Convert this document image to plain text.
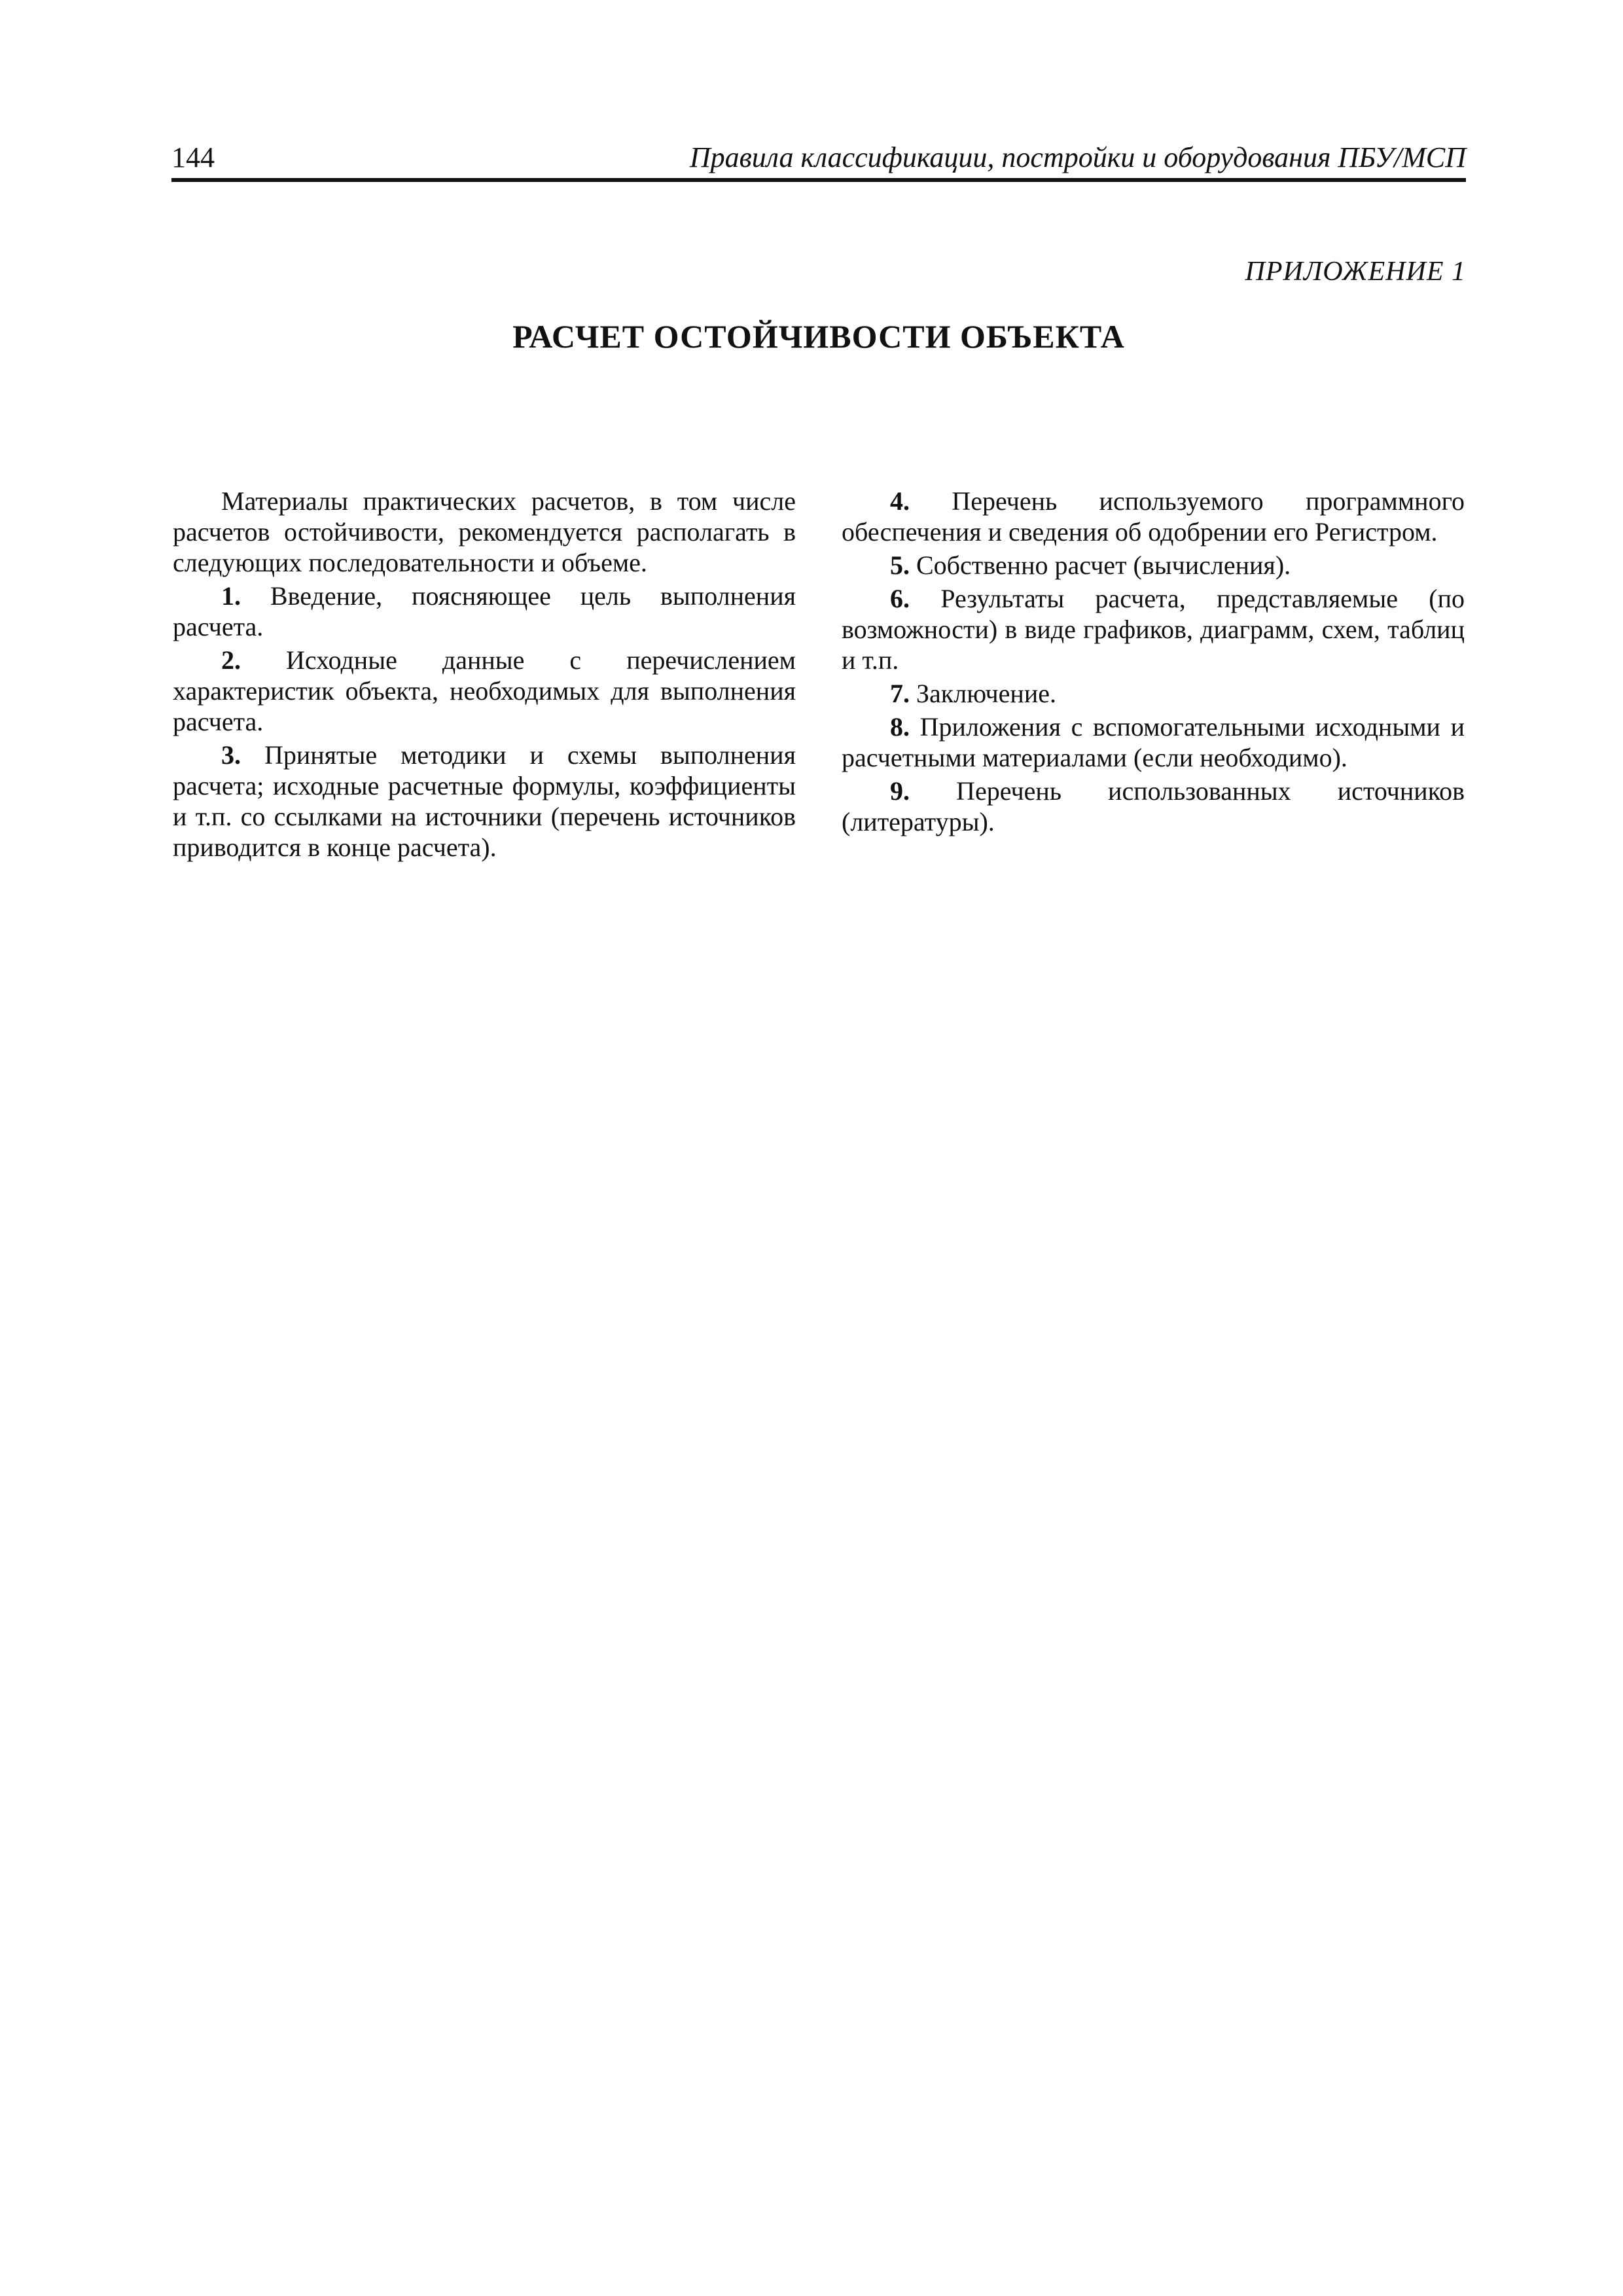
144	Правила классификации, постройки и оборудования ПБУ/МСП
ПРИЛОЖЕНИЕ 1
РАСЧЕТ ОСТОЙЧИВОСТИ ОБЪЕКТА

Материалы практических расчетов, в том числе расчетов остойчивости, рекомендуется располагать в следующих последовательности и объеме.

1. Введение, поясняющее цель выполнения расчета.

2. Исходные данные с перечислением характеристик объекта, необходимых для выполнения расчета.

3. Принятые методики и схемы выполнения расчета; исходные расчетные формулы, коэффициенты и т.п. со ссылками на источники (перечень источников приводится в конце расчета).

4. Перечень используемого программного обеспечения и сведения об одобрении его Регистром.

5. Собственно расчет (вычисления).

6. Результаты расчета, представляемые (по возможности) в виде графиков, диаграмм, схем, таблиц и т.п.

7. Заключение.

8. Приложения с вспомогательными исходными и расчетными материалами (если необходимо).

9. Перечень использованных источников (литературы).
